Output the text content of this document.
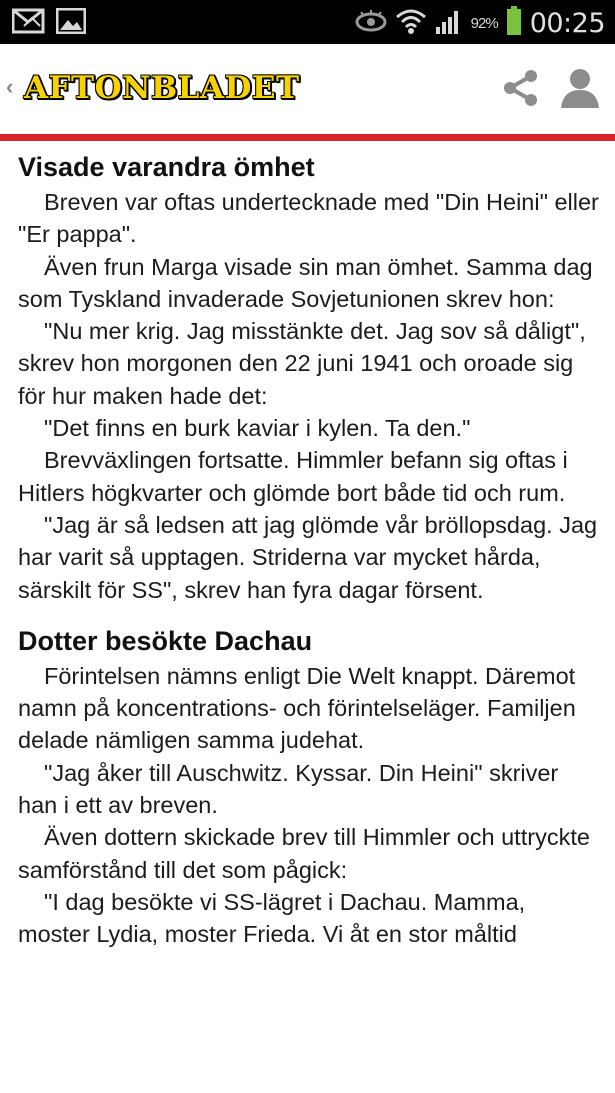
92% 00:25
‹ AFTONBLADET
Visade varandra ömhet

Breven var oftas undertecknade med "Din Heini" eller "Er pappa".

Även frun Marga visade sin man ömhet. Samma dag som Tyskland invaderade Sovjetunionen skrev hon:

"Nu mer krig. Jag misstänkte det. Jag sov så dåligt", skrev hon morgonen den 22 juni 1941 och oroade sig för hur maken hade det:

"Det finns en burk kaviar i kylen. Ta den."

Brevväxlingen fortsatte. Himmler befann sig oftas i Hitlers högkvarter och glömde bort både tid och rum.

"Jag är så ledsen att jag glömde vår bröllopsdag. Jag har varit så upptagen. Striderna var mycket hårda, särskilt för SS", skrev han fyra dagar försent.

Dotter besökte Dachau

Förintelsen nämns enligt Die Welt knappt. Däremot namn på koncentrations- och förintelseläger. Familjen delade nämligen samma judehat.

"Jag åker till Auschwitz. Kyssar. Din Heini" skriver han i ett av breven.

Även dottern skickade brev till Himmler och uttryckte samförstånd till det som pågick:

"I dag besökte vi SS-lägret i Dachau. Mamma, moster Lydia, moster Frieda. Vi åt en stor måltid
